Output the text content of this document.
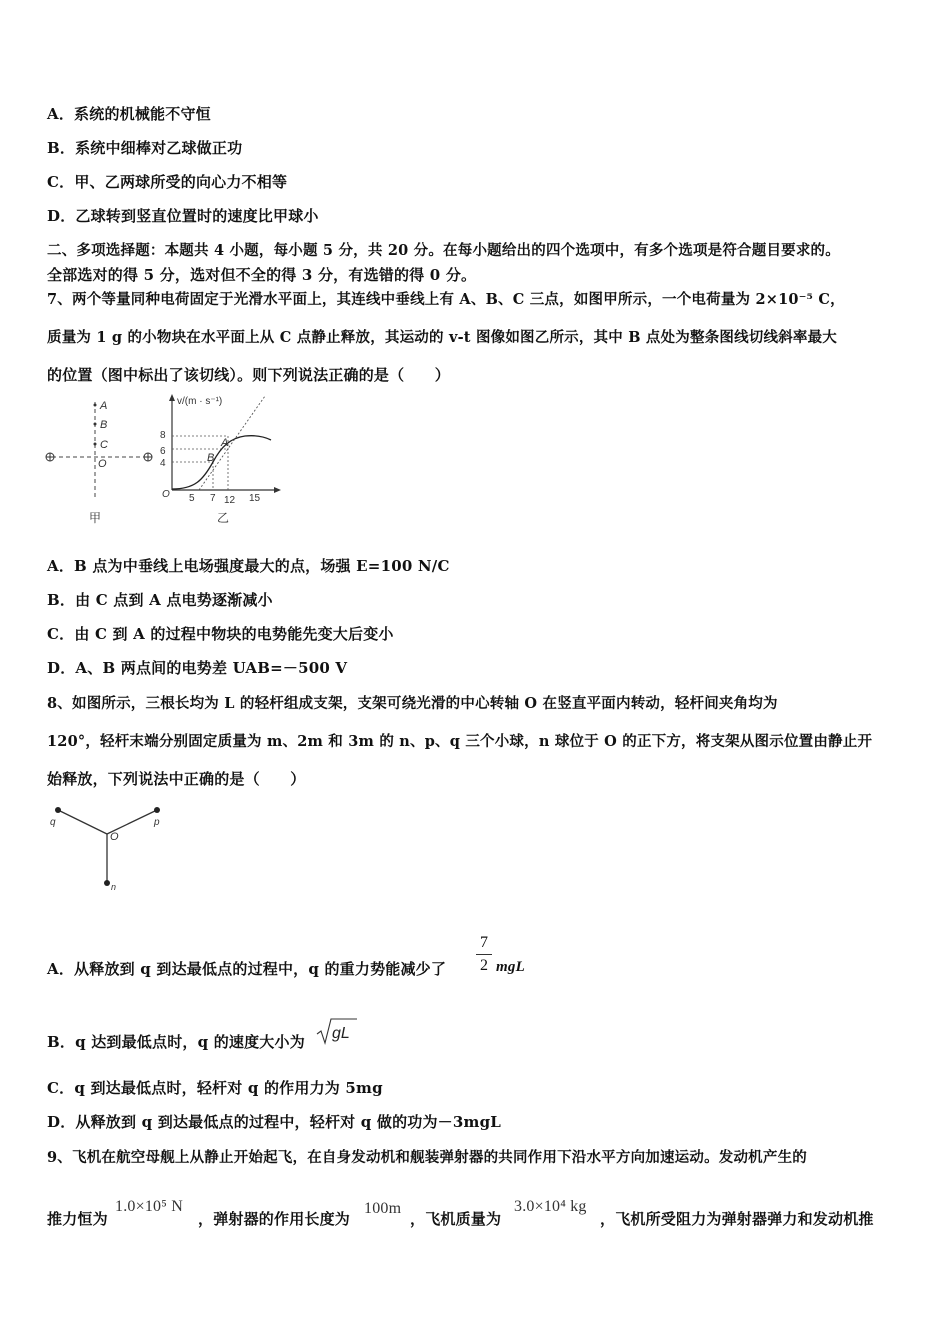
A．系统的机械能不守恒
B．系统中细棒对乙球做正功
C．甲、乙两球所受的向心力不相等
D．乙球转到竖直位置时的速度比甲球小
二、多项选择题：本题共 4 小题，每小题 5 分，共 20 分。在每小题给出的四个选项中，有多个选项是符合题目要求的。
全部选对的得 5 分，选对但不全的得 3 分，有选错的得 0 分。
7、两个等量同种电荷固定于光滑水平面上，其连线中垂线上有 A、B、C 三点，如图甲所示，一个电荷量为 2×10⁻⁵ C，
质量为 1 g 的小物块在水平面上从 C 点静止释放，其运动的 v-t 图像如图乙所示，其中 B 点处为整条图线切线斜率最大
的位置（图中标出了该切线）。则下列说法正确的是（　　）
A
B
C
O
甲
v/(m · s⁻¹)
8
6
4
O 5 7 12 15
A
B
乙
A．B 点为中垂线上电场强度最大的点，场强 E=100 N/C
B．由 C 点到 A 点电势逐渐减小
C．由 C 到 A 的过程中物块的电势能先变大后变小
D．A、B 两点间的电势差 UAB=－500 V
8、如图所示，三根长均为 L 的轻杆组成支架，支架可绕光滑的中心转轴 O 在竖直平面内转动，轻杆间夹角均为
120°，轻杆末端分别固定质量为 m、2m 和 3m 的 n、p、q 三个小球，n 球位于 O 的正下方，将支架从图示位置由静止开
始释放，下列说法中正确的是（　　）
q	p
O
n
A．从释放到 q 到达最低点的过程中，q 的重力势能减少了
7
2 mgL
B．q 达到最低点时，q 的速度大小为 gL
C．q 到达最低点时，轻杆对 q 的作用力为 5mg
D．从释放到 q 到达最低点的过程中，轻杆对 q 做的功为－3mgL
9、飞机在航空母舰上从静止开始起飞，在自身发动机和舰装弹射器的共同作用下沿水平方向加速运动。发动机产生的
推力恒为
1.0×10⁵ N
，弹射器的作用长度为
100m
，飞机质量为
3.0×10⁴ kg
，飞机所受阻力为弹射器弹力和发动机推
